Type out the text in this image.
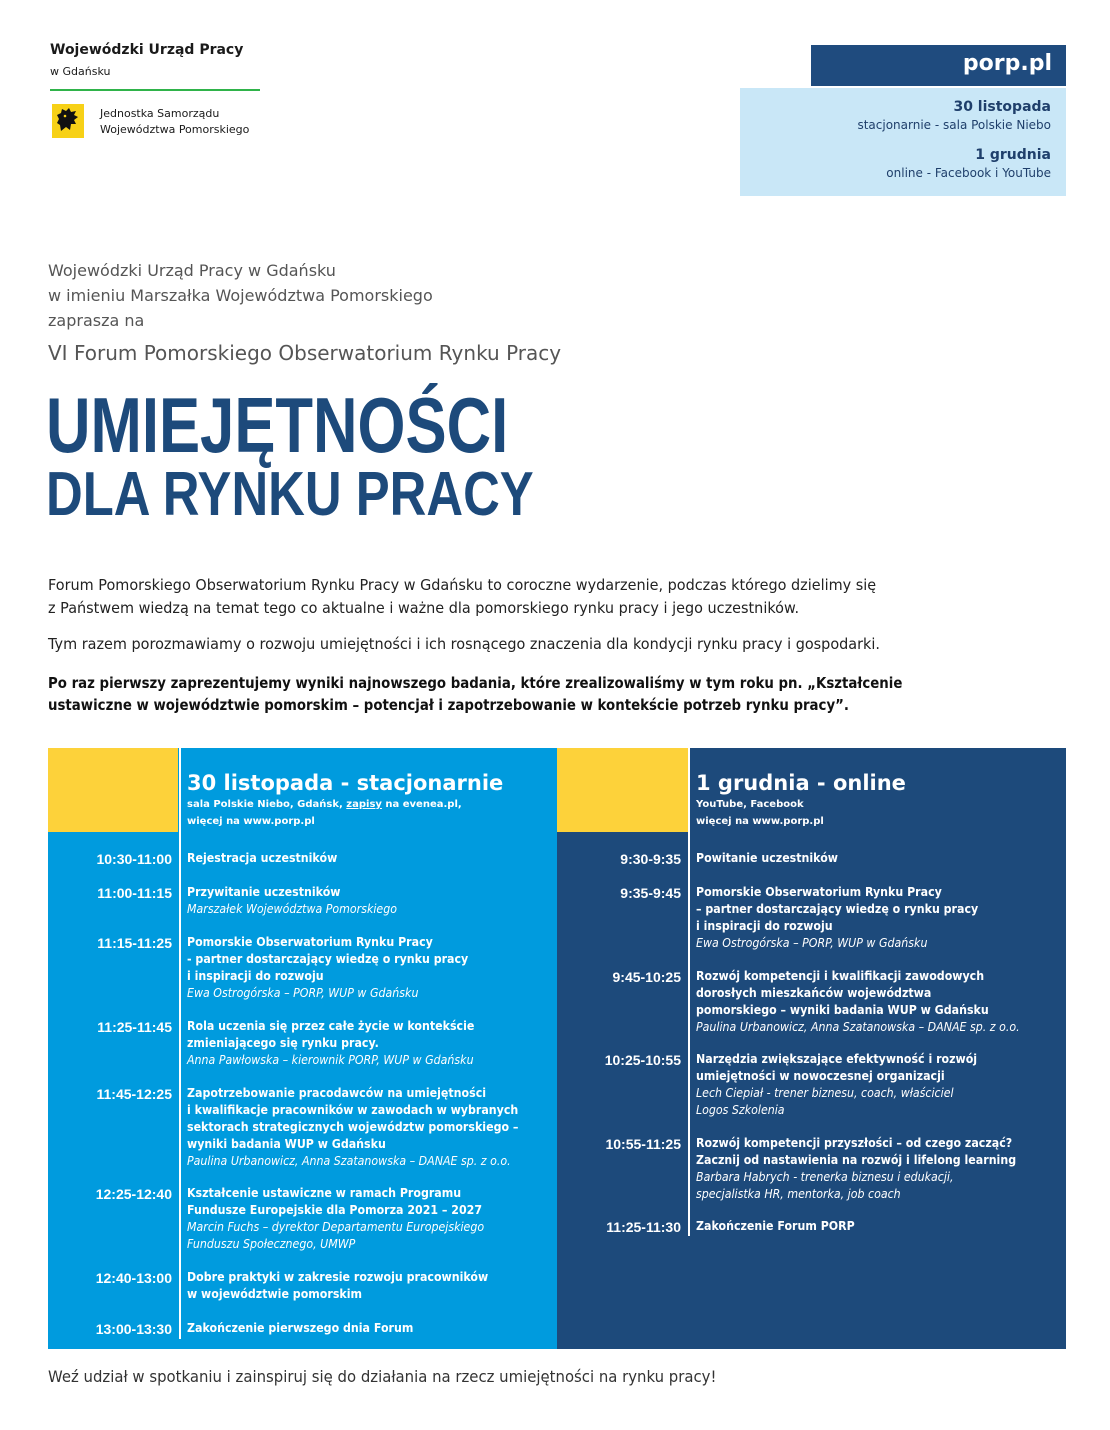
Wojewódzki Urząd Pracy
w Gdańsku
Jednostka Samorządu
Województwa Pomorskiego
porp.pl
30 listopada
stacjonarnie - sala Polskie Niebo
1 grudnia
online - Facebook i YouTube
Wojewódzki Urząd Pracy w Gdańsku
w imieniu Marszałka Województwa Pomorskiego
zaprasza na
VI Forum Pomorskiego Obserwatorium Rynku Pracy
UMIEJĘTNOŚCI
DLA RYNKU PRACY
Forum Pomorskiego Obserwatorium Rynku Pracy w Gdańsku to coroczne wydarzenie, podczas którego dzielimy się
z Państwem wiedzą na temat tego co aktualne i ważne dla pomorskiego rynku pracy i jego uczestników.
Tym razem porozmawiamy o rozwoju umiejętności i ich rosnącego znaczenia dla kondycji rynku pracy i gospodarki.
Po raz pierwszy zaprezentujemy wyniki najnowszego badania, które zrealizowaliśmy w tym roku pn. „Kształcenie
ustawiczne w województwie pomorskim – potencjał i zapotrzebowanie w kontekście potrzeb rynku pracy”.
30 listopada - stacjonarnie
sala Polskie Niebo, Gdańsk, zapisy na evenea.pl,
więcej na www.porp.pl
1 grudnia - online
YouTube, Facebook
więcej na www.porp.pl
10:30-11:00 Rejestracja uczestników
11:00-11:15 Przywitanie uczestników
Marszałek Województwa Pomorskiego
11:15-11:25 Pomorskie Obserwatorium Rynku Pracy
- partner dostarczający wiedzę o rynku pracy
i inspiracji do rozwoju
Ewa Ostrogórska – PORP, WUP w Gdańsku
11:25-11:45 Rola uczenia się przez całe życie w kontekście
zmieniającego się rynku pracy.
Anna Pawłowska – kierownik PORP, WUP w Gdańsku
11:45-12:25 Zapotrzebowanie pracodawców na umiejętności
i kwalifikacje pracowników w zawodach w wybranych
sektorach strategicznych województw pomorskiego –
wyniki badania WUP w Gdańsku
Paulina Urbanowicz, Anna Szatanowska – DANAE sp. z o.o.
12:25-12:40 Kształcenie ustawiczne w ramach Programu
Fundusze Europejskie dla Pomorza 2021 – 2027
Marcin Fuchs – dyrektor Departamentu Europejskiego
Funduszu Społecznego, UMWP
12:40-13:00 Dobre praktyki w zakresie rozwoju pracowników
w województwie pomorskim
13:00-13:30 Zakończenie pierwszego dnia Forum
9:30-9:35 Powitanie uczestników
9:35-9:45 Pomorskie Obserwatorium Rynku Pracy
– partner dostarczający wiedzę o rynku pracy
i inspiracji do rozwoju
Ewa Ostrogórska – PORP, WUP w Gdańsku
9:45-10:25 Rozwój kompetencji i kwalifikacji zawodowych
dorosłych mieszkańców województwa
pomorskiego – wyniki badania WUP w Gdańsku
Paulina Urbanowicz, Anna Szatanowska – DANAE sp. z o.o.
10:25-10:55 Narzędzia zwiększające efektywność i rozwój
umiejętności w nowoczesnej organizacji
Lech Ciepiał - trener biznesu, coach, właściciel
Logos Szkolenia
10:55-11:25 Rozwój kompetencji przyszłości – od czego zacząć?
Zacznij od nastawienia na rozwój i lifelong learning
Barbara Habrych - trenerka biznesu i edukacji,
specjalistka HR, mentorka, job coach
11:25-11:30 Zakończenie Forum PORP
Weź udział w spotkaniu i zainspiruj się do działania na rzecz umiejętności na rynku pracy!
